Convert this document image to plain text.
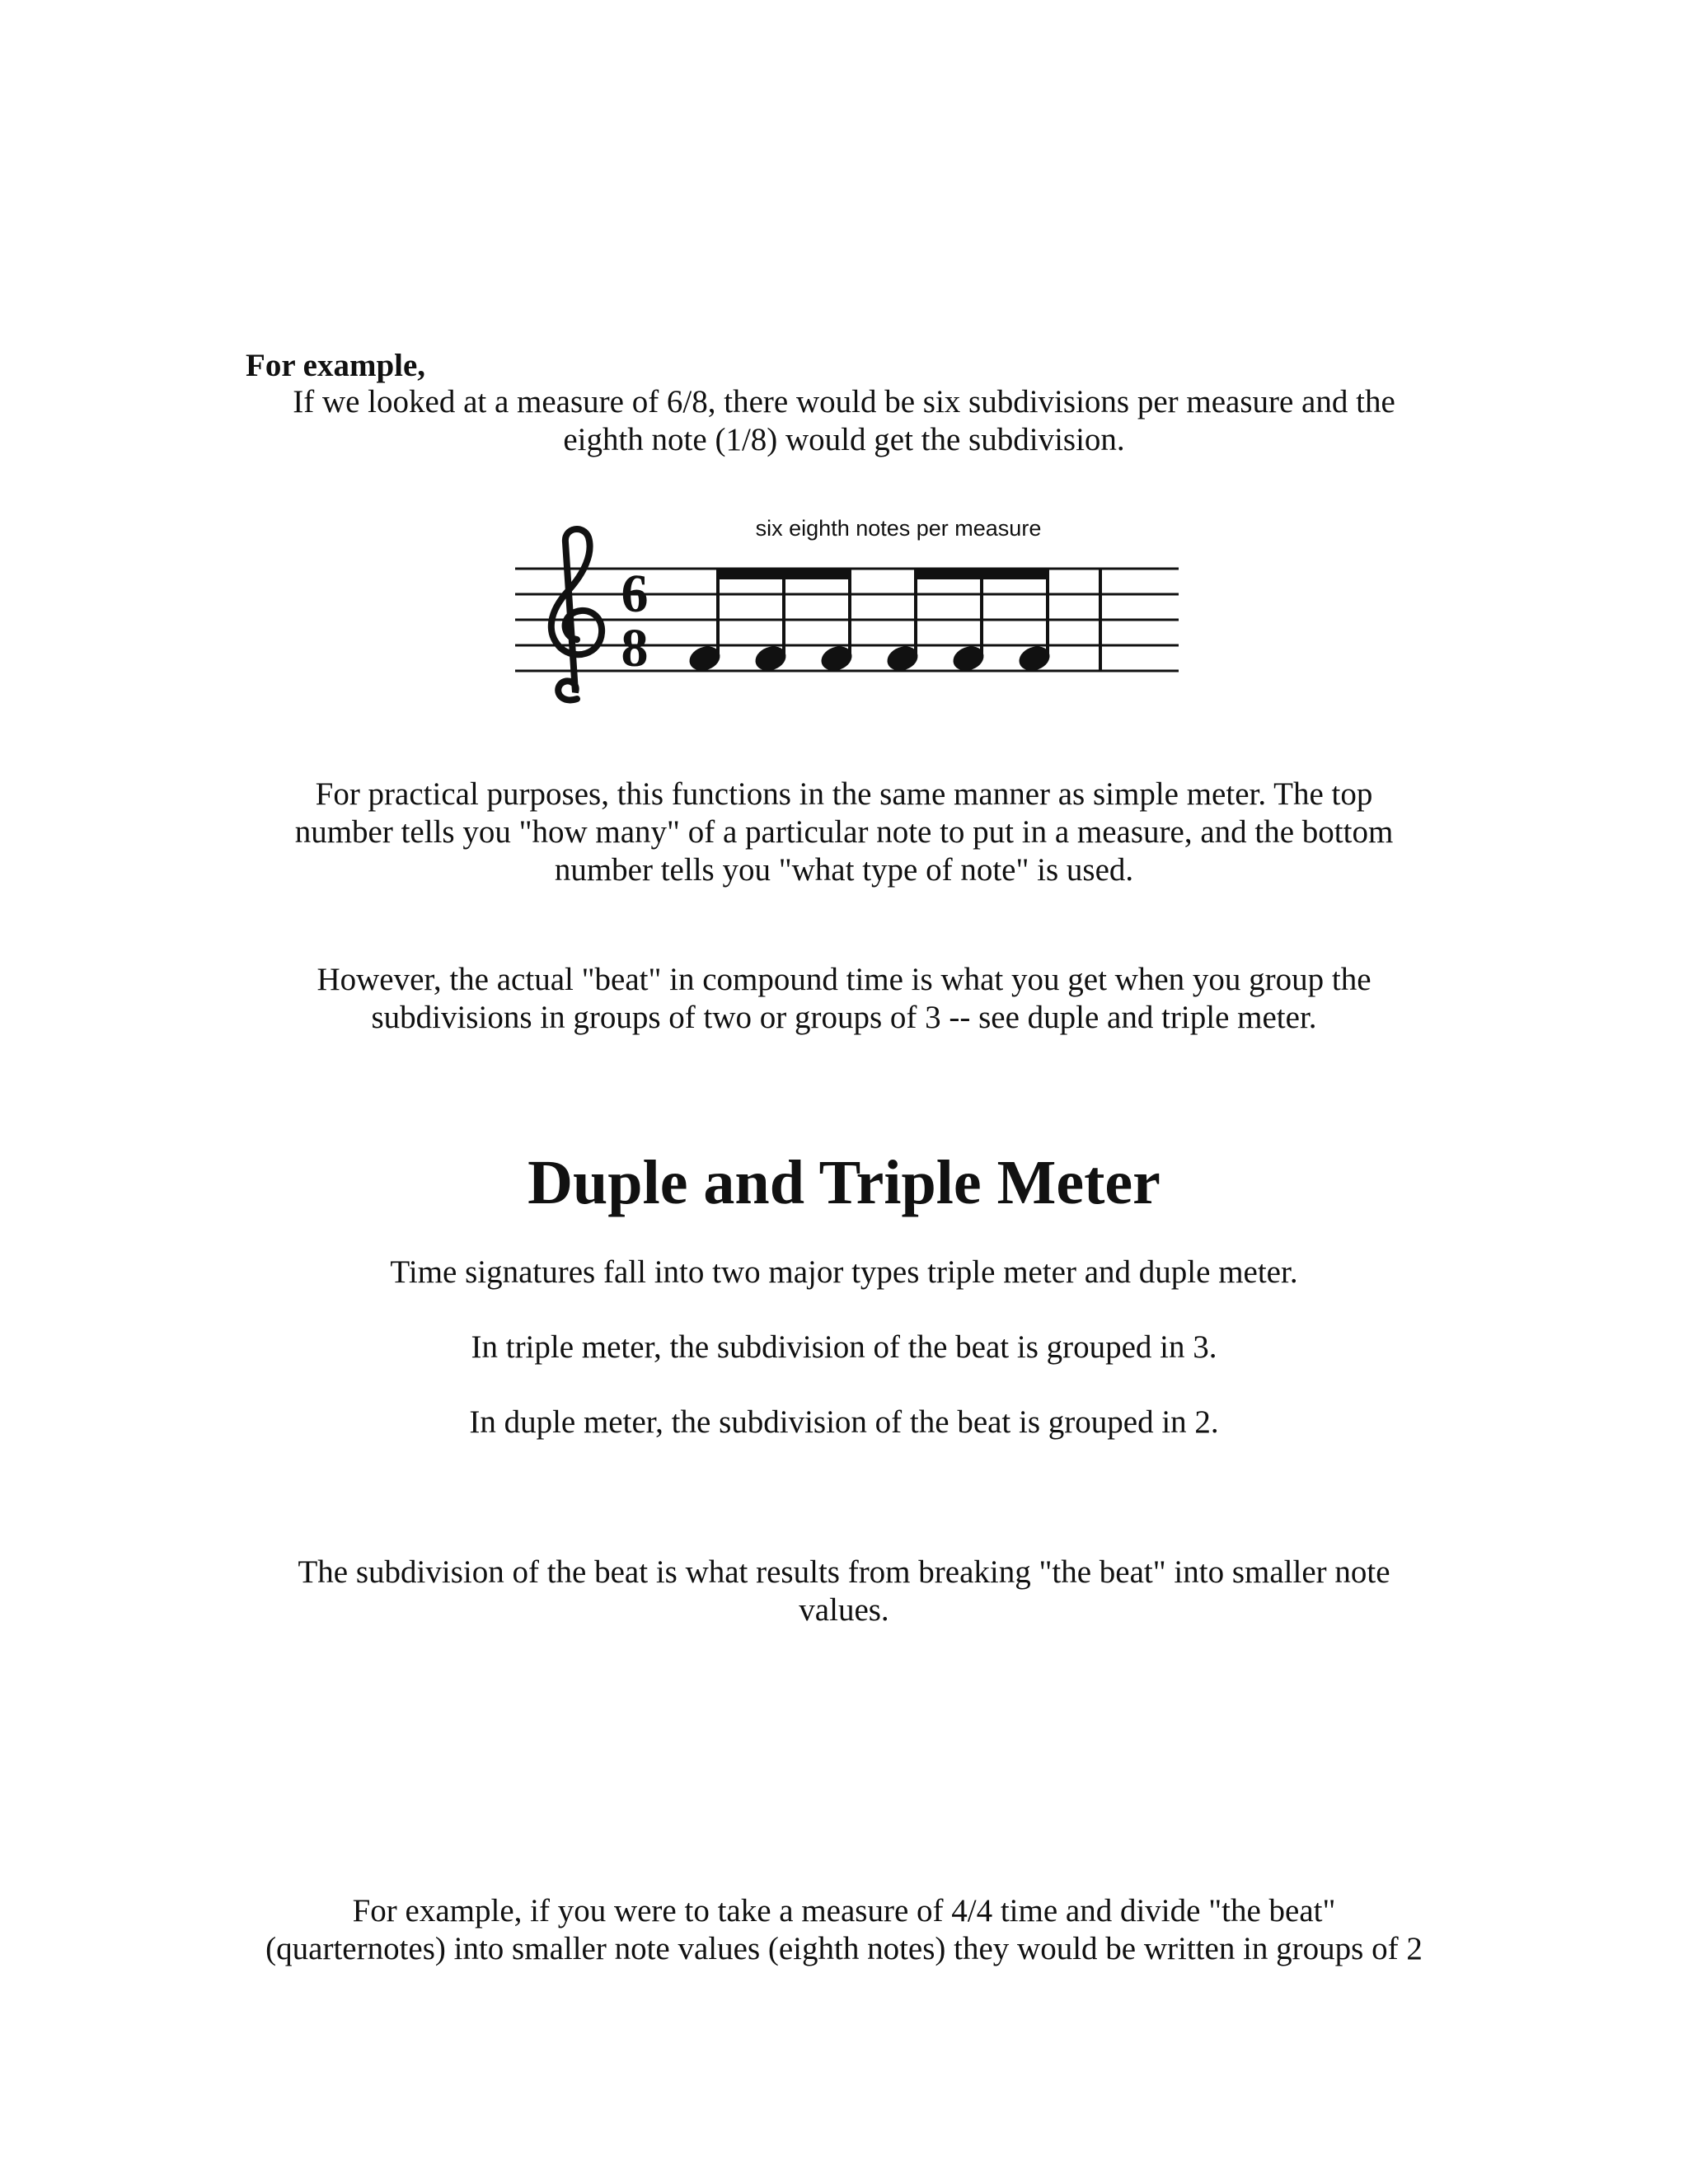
For example,
If we looked at a measure of 6/8, there would be six subdivisions per measure and the
eighth note (1/8) would get the subdivision.
six eighth notes per measure
6
8
For practical purposes, this functions in the same manner as simple meter. The top
number tells you "how many" of a particular note to put in a measure, and the bottom
number tells you "what type of note" is used.
However, the actual "beat" in compound time is what you get when you group the
subdivisions in groups of two or groups of 3 -- see duple and triple meter.
Duple and Triple Meter
Time signatures fall into two major types triple meter and duple meter.
In triple meter, the subdivision of the beat is grouped in 3.
In duple meter, the subdivision of the beat is grouped in 2.
The subdivision of the beat is what results from breaking "the beat" into smaller note
values.
For example, if you were to take a measure of 4/4 time and divide "the beat"
(quarternotes) into smaller note values (eighth notes) they would be written in groups of 2
